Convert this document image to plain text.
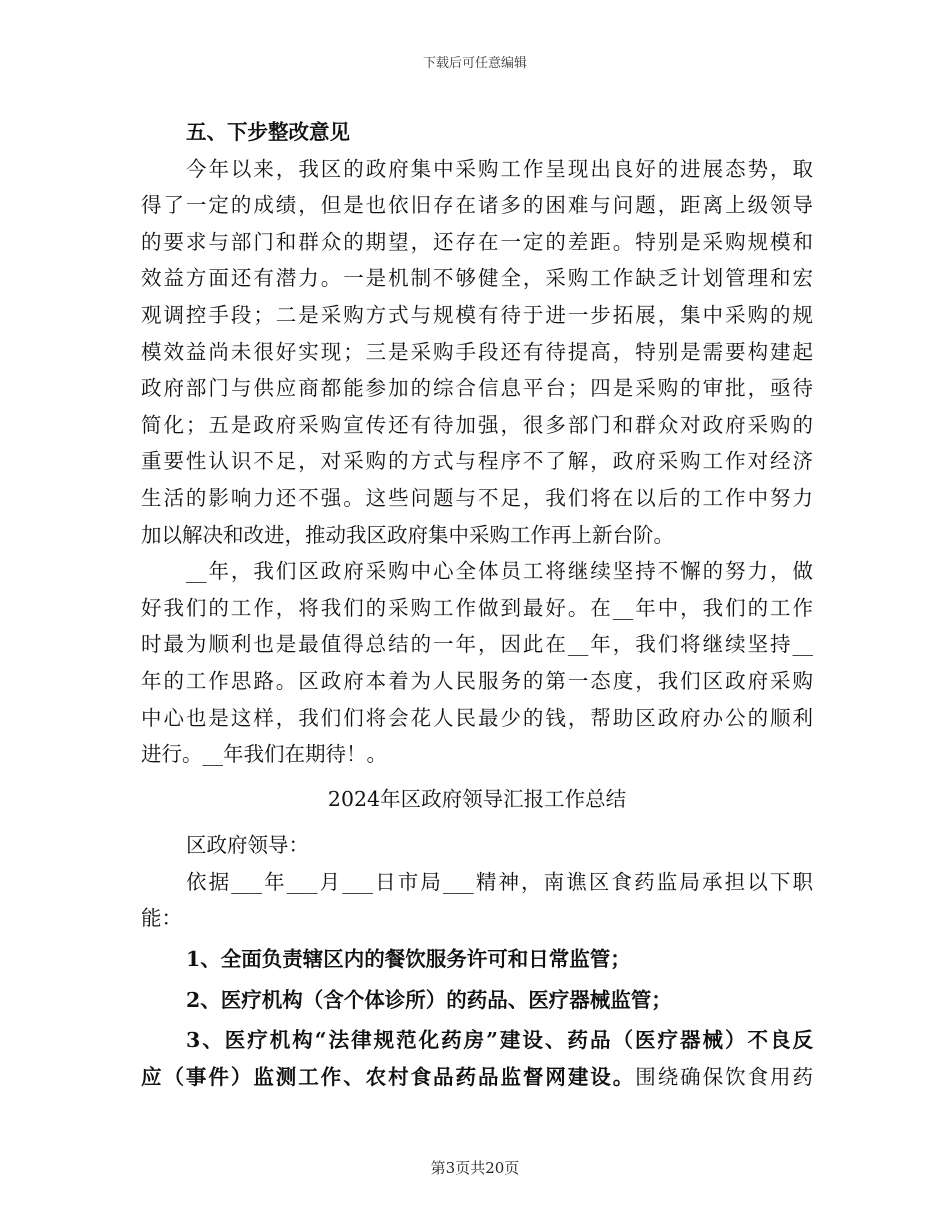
下载后可任意编辑
五、下步整改意见
今年以来，我区的政府集中采购工作呈现出良好的进展态势，取
得了一定的成绩，但是也依旧存在诸多的困难与问题，距离上级领导
的要求与部门和群众的期望，还存在一定的差距。特别是采购规模和
效益方面还有潜力。一是机制不够健全，采购工作缺乏计划管理和宏
观调控手段；二是采购方式与规模有待于进一步拓展，集中采购的规
模效益尚未很好实现；三是采购手段还有待提高，特别是需要构建起
政府部门与供应商都能参加的综合信息平台；四是采购的审批，亟待
简化；五是政府采购宣传还有待加强，很多部门和群众对政府采购的
重要性认识不足，对采购的方式与程序不了解，政府采购工作对经济
生活的影响力还不强。这些问题与不足，我们将在以后的工作中努力
加以解决和改进，推动我区政府集中采购工作再上新台阶。
__年，我们区政府采购中心全体员工将继续坚持不懈的努力，做
好我们的工作，将我们的采购工作做到最好。在__年中，我们的工作
时最为顺利也是最值得总结的一年，因此在__年，我们将继续坚持__
年的工作思路。区政府本着为人民服务的第一态度，我们区政府采购
中心也是这样，我们们将会花人民最少的钱，帮助区政府办公的顺利
进行。__年我们在期待！。
2024年区政府领导汇报工作总结
区政府领导：
依据___年___月___日市局___精神，南谯区食药监局承担以下职
能：
1、全面负责辖区内的餐饮服务许可和日常监管；
2、医疗机构（含个体诊所）的药品、医疗器械监管；
3、医疗机构“法律规范化药房”建设、药品（医疗器械）不良反
应（事件）监测工作、农村食品药品监督网建设。围绕确保饮食用药
第3页共20页
